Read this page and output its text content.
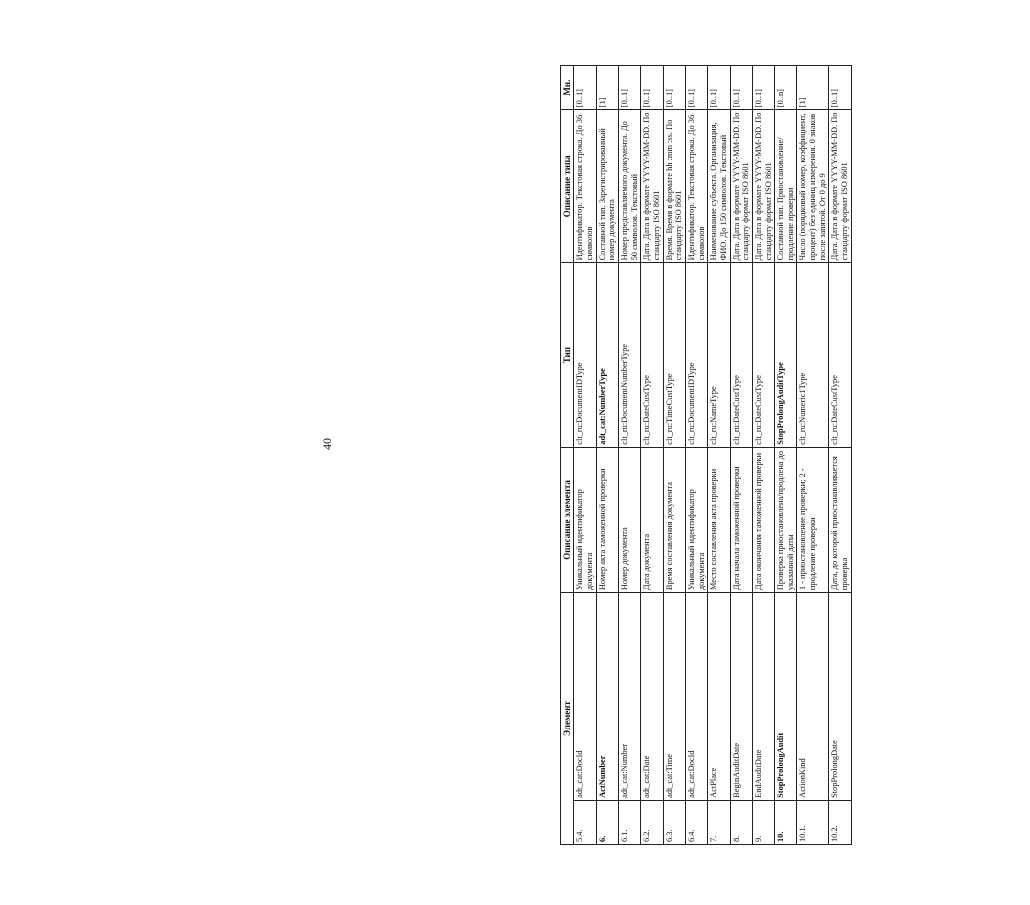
40
Элемент		Описание элемента	Тип	Описание типа	Мн.
5.4.	adt_cat:DocId	Уникальный идентификатор документа	clt_ru:DocumentIDType	Идентификатор. Текстовая строка. До 36 символов	[0..1]
6.	ActNumber	Номер акта таможенной проверки	adt_cat:NumberType	Составной тип. Зарегистрированный номер документа	[1]
6.1.	adt_cat:Number	Номер документа	clt_ru:DocumentNumberType	Номер представляемого документа. До 50 символов. Текстовый	[0..1]
6.2.	adt_cat:Date	Дата документа	clt_ru:DateCustType	Дата. Дата в формате YYYY-MM-DD. По стандарту ISO 8601	[0..1]
6.3.	adt_cat:Time	Время составления документа	clt_ru:TimeCustType	Время. Время в формате hh :mm :ss. По стандарту ISO 8601	[0..1]
6.4.	adt_cat:DocId	Уникальный идентификатор документа	clt_ru:DocumentIDType	Идентификатор. Текстовая строка. До 36 символов	[0..1]
7.	ActPlace	Место составления акта проверки	clt_ru:NameType	Наименование субъекта. Организация, ФИО. До 150 символов. Текстовый	[0..1]
8.	BeginAuditDate	Дата начала таможенной проверки	clt_ru:DateCustType	Дата. Дата в формате YYYY-MM-DD. По стандарту формат ISO 8601	[0..1]
9.	EndAuditDate	Дата окончания таможенной проверки	clt_ru:DateCustType	Дата. Дата в формате YYYY-MM-DD. По стандарту формат ISO 8601	[0..1]
10.	StopProlongAudit	Проверка приостановлена/продлена до указанной даты	StopProlongAuditType	Составной тип. Приостановление/продление проверки	[0..n]
10.1.	ActionKind	1 - приостановление проверки; 2 - продление проверки	clt_ru:Numeric1Type	Число (порядковый номер, коэффициент, процент) без единиц измерения. 0 знаков после запятой. От 0 до 9	[1]
10.2.	StopProlongDate	Дата, до которой приостанавливается проверка	clt_ru:DateCustType	Дата. Дата в формате YYYY-MM-DD. По стандарту формат ISO 8601	[0..1]
